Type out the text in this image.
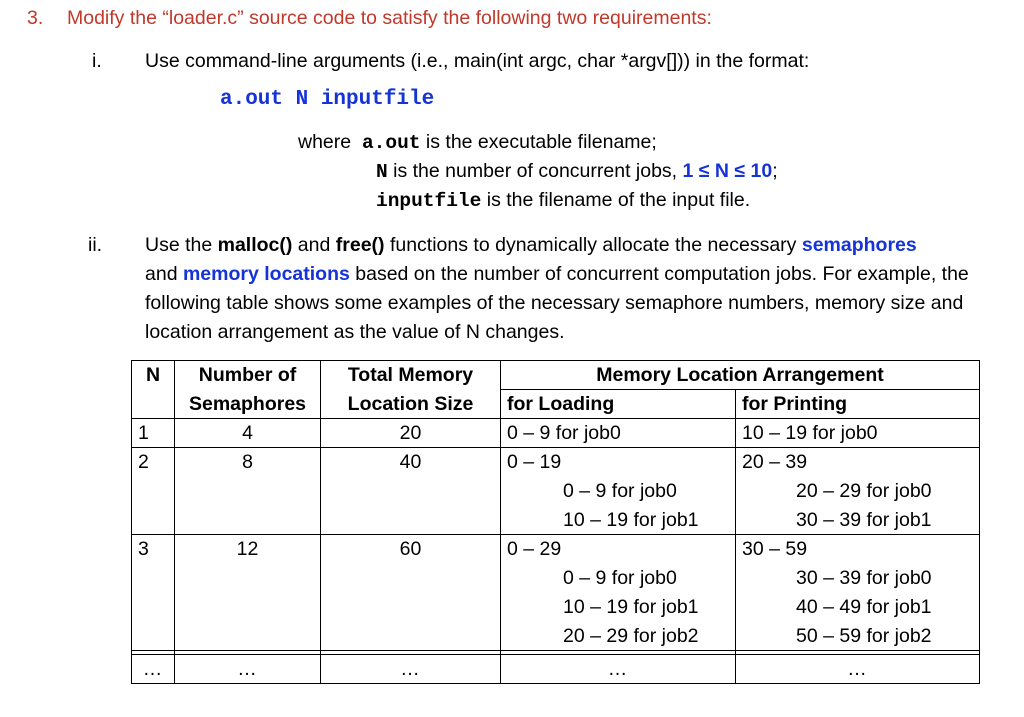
3. Modify the “loader.c” source code to satisfy the following two requirements:
i. Use command-line arguments (i.e., main(int argc, char *argv[])) in the format:
a.out N inputfile
where a.out is the executable filename;
N is the number of concurrent jobs, 1 ≤ N ≤ 10;
inputfile is the filename of the input file.
ii. Use the malloc() and free() functions to dynamically allocate the necessary semaphores
and memory locations based on the number of concurrent computation jobs. For example, the following table shows some examples of the necessary semaphore numbers, memory size and location arrangement as the value of N changes.
N	Number of	Total Memory	Memory Location Arrangement	
	Semaphores	Location Size	for Loading	for Printing
1	4	20	0 – 9 for job0	10 – 19 for job0
2	8	40	0 – 19	20 – 39
			0 – 9 for job0	20 – 29 for job0
			10 – 19 for job1	30 – 39 for job1
3	12	60	0 – 29	30 – 59
			0 – 9 for job0	30 – 39 for job0
			10 – 19 for job1	40 – 49 for job1
			20 – 29 for job2	50 – 59 for job2

…	…	…	…	…
